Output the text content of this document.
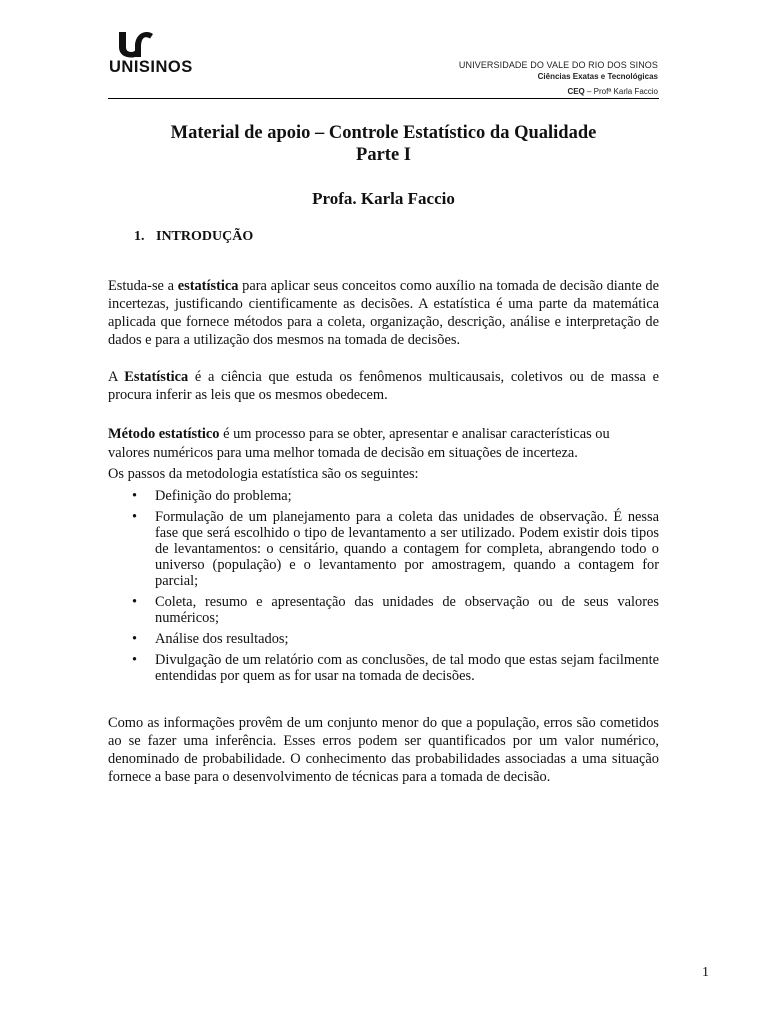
UNISINOS	UNIVERSIDADE DO VALE DO RIO DOS SINOS
Ciências Exatas e Tecnológicas
CEQ – Profª Karla Faccio
Material de apoio – Controle Estatístico da Qualidade
Parte I
Profa. Karla Faccio
1. INTRODUÇÃO

Estuda-se a estatística para aplicar seus conceitos como auxílio na tomada de decisão diante de incertezas, justificando cientificamente as decisões. A estatística é uma parte da matemática aplicada que fornece métodos para a coleta, organização, descrição, análise e interpretação de dados e para a utilização dos mesmos na tomada de decisões.

A Estatística é a ciência que estuda os fenômenos multicausais, coletivos ou de massa e procura inferir as leis que os mesmos obedecem.

Método estatístico é um processo para se obter, apresentar e analisar características ou
valores numéricos para uma melhor tomada de decisão em situações de incerteza.

Os passos da metodologia estatística são os seguintes:

• Definição do problema;
• Formulação de um planejamento para a coleta das unidades de observação. É nessa fase que será escolhido o tipo de levantamento a ser utilizado. Podem existir dois tipos de levantamentos: o censitário, quando a contagem for completa, abrangendo todo o universo (população) e o levantamento por amostragem, quando a contagem for parcial;
• Coleta, resumo e apresentação das unidades de observação ou de seus valores numéricos;
• Análise dos resultados;
• Divulgação de um relatório com as conclusões, de tal modo que estas sejam facilmente entendidas por quem as for usar na tomada de decisões.

Como as informações provêm de um conjunto menor do que a população, erros são cometidos ao se fazer uma inferência. Esses erros podem ser quantificados por um valor numérico, denominado de probabilidade. O conhecimento das probabilidades associadas a uma situação fornece a base para o desenvolvimento de técnicas para a tomada de decisão.

1
